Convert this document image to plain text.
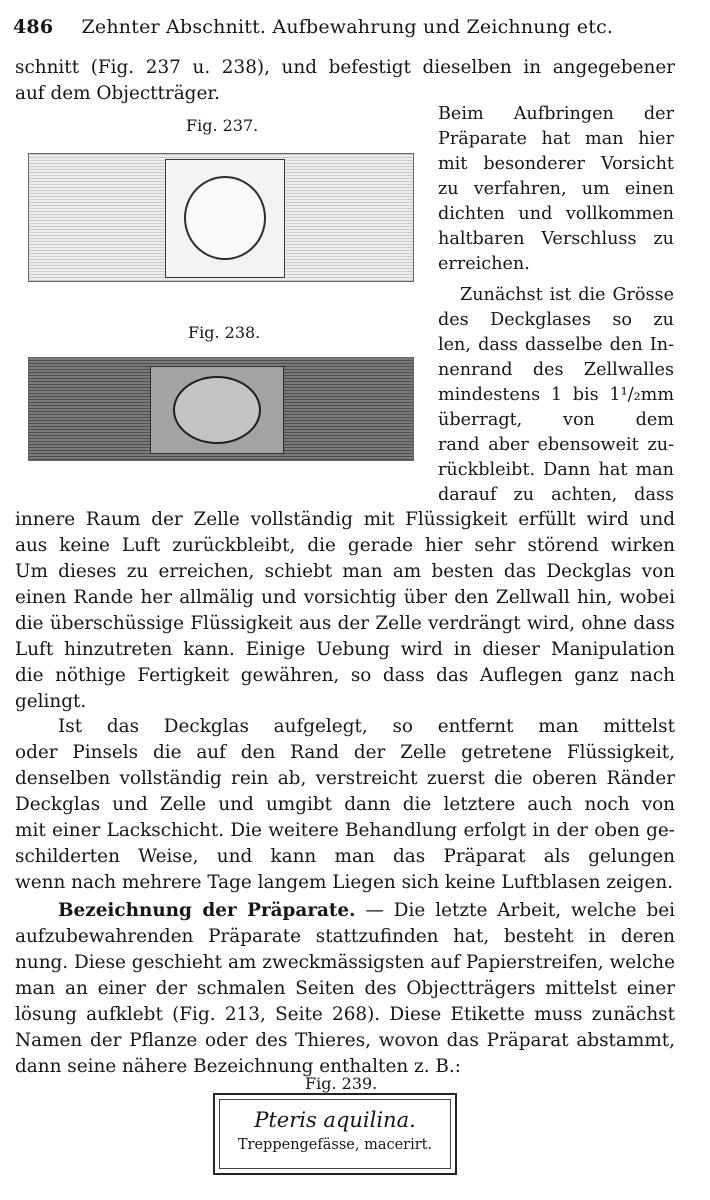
486 Zehnter Abschnitt. Aufbewahrung und Zeichnung etc.
schnitt (Fig. 237 u. 238), und befestigt dieselben in angegebener
auf dem Objectträger.
Fig. 237.
Fig. 238.
Beim Aufbringen der
Präparate hat man hier
mit besonderer Vorsicht
zu verfahren, um einen
dichten und vollkommen
haltbaren Verschluss zu
erreichen.
Zunächst ist die Grösse
des Deckglases so zu
len, dass dasselbe den In-
nenrand des Zellwalles
mindestens 1 bis 1¹/₂mm
überragt, von dem
rand aber ebensoweit zu-
rückbleibt. Dann hat man
darauf zu achten, dass
innere Raum der Zelle vollständig mit Flüssigkeit erfüllt wird und
aus keine Luft zurückbleibt, die gerade hier sehr störend wirken
Um dieses zu erreichen, schiebt man am besten das Deckglas von
einen Rande her allmälig und vorsichtig über den Zellwall hin, wobei
die überschüssige Flüssigkeit aus der Zelle verdrängt wird, ohne dass
Luft hinzutreten kann. Einige Uebung wird in dieser Manipulation
die nöthige Fertigkeit gewähren, so dass das Auflegen ganz nach
gelingt.
Ist das Deckglas aufgelegt, so entfernt man mittelst
oder Pinsels die auf den Rand der Zelle getretene Flüssigkeit,
denselben vollständig rein ab, verstreicht zuerst die oberen Ränder
Deckglas und Zelle und umgibt dann die letztere auch noch von
mit einer Lackschicht. Die weitere Behandlung erfolgt in der oben ge-
schilderten Weise, und kann man das Präparat als gelungen
wenn nach mehrere Tage langem Liegen sich keine Luftblasen zeigen.
Bezeichnung der Präparate. — Die letzte Arbeit, welche bei
aufzubewahrenden Präparate stattzufinden hat, besteht in deren
nung. Diese geschieht am zweckmässigsten auf Papierstreifen, welche
man an einer der schmalen Seiten des Objectträgers mittelst einer
lösung aufklebt (Fig. 213, Seite 268). Diese Etikette muss zunächst
Namen der Pflanze oder des Thieres, wovon das Präparat abstammt,
dann seine nähere Bezeichnung enthalten z. B.:
Fig. 239.
Pteris aquilina.
Treppengefässe, macerirt.
